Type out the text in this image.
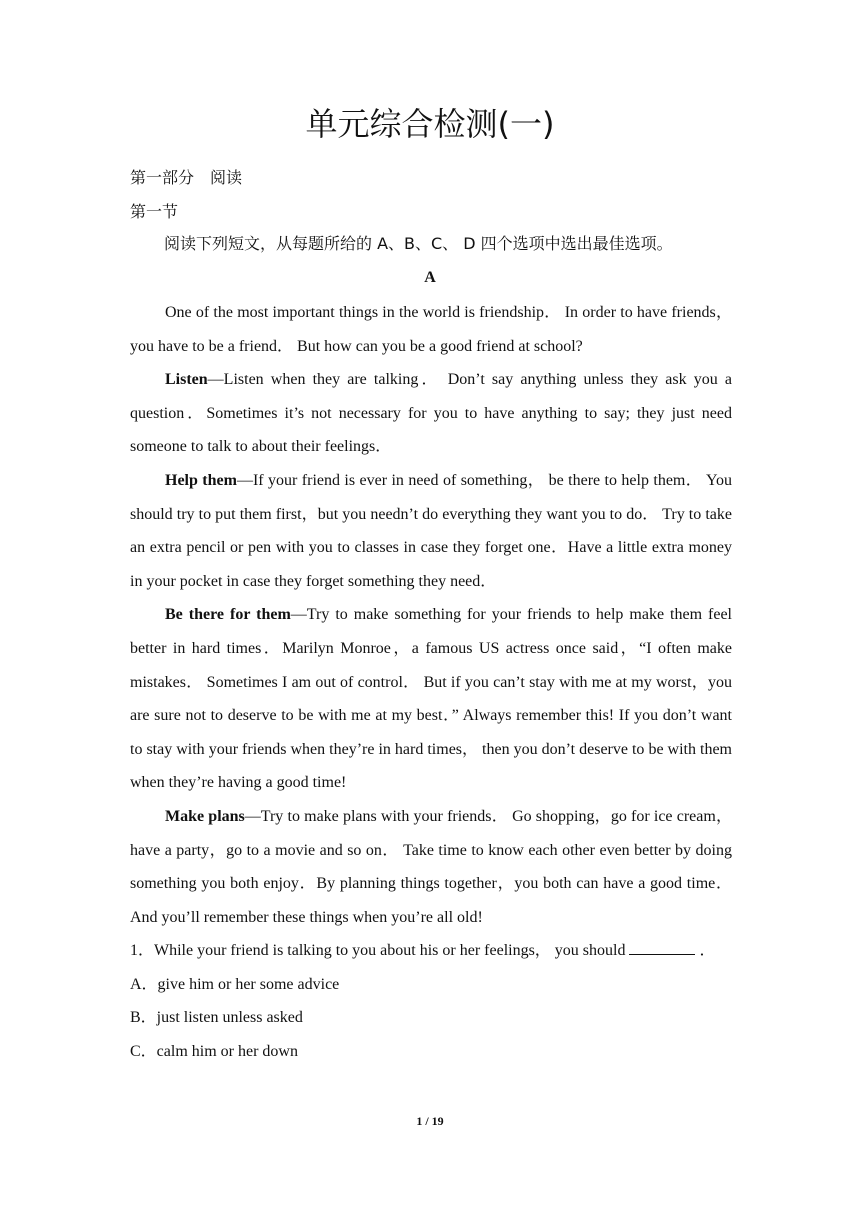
单元综合检测(一)
第一部分　阅读
第一节
阅读下列短文，从每题所给的 A、B、C、 D 四个选项中选出最佳选项。
A

One of the most important things in the world is friendship． In order to have friends，you have to be a friend． But how can you be a good friend at school?

Listen—Listen when they are talking． Don’t say anything unless they ask you a question．Sometimes it’s not necessary for you to have anything to say; they just need someone to talk to about their feelings．

Help them—If your friend is ever in need of something， be there to help them． You should try to put them first，but you needn’t do everything they want you to do． Try to take an extra pencil or pen with you to classes in case they forget one．Have a little extra money in your pocket in case they forget something they need．

Be there for them—Try to make something for your friends to help make them feel better in hard times．Marilyn Monroe，a famous US actress once said，“I often make mistakes． Sometimes I am out of control． But if you can’t stay with me at my worst，you are sure not to deserve to be with me at my best．” Always remember this! If you don’t want to stay with your friends when they’re in hard times， then you don’t deserve to be with them when they’re having a good time!

Make plans—Try to make plans with your friends． Go shopping，go for ice cream，have a party，go to a movie and so on． Take time to know each other even better by doing something you both enjoy．By planning things together，you both can have a good time． And you’ll remember these things when you’re all old!

1．While your friend is talking to you about his or her feelings， you should	．

A．give him or her some advice

B．just listen unless asked

C．calm him or her down

1 / 19
